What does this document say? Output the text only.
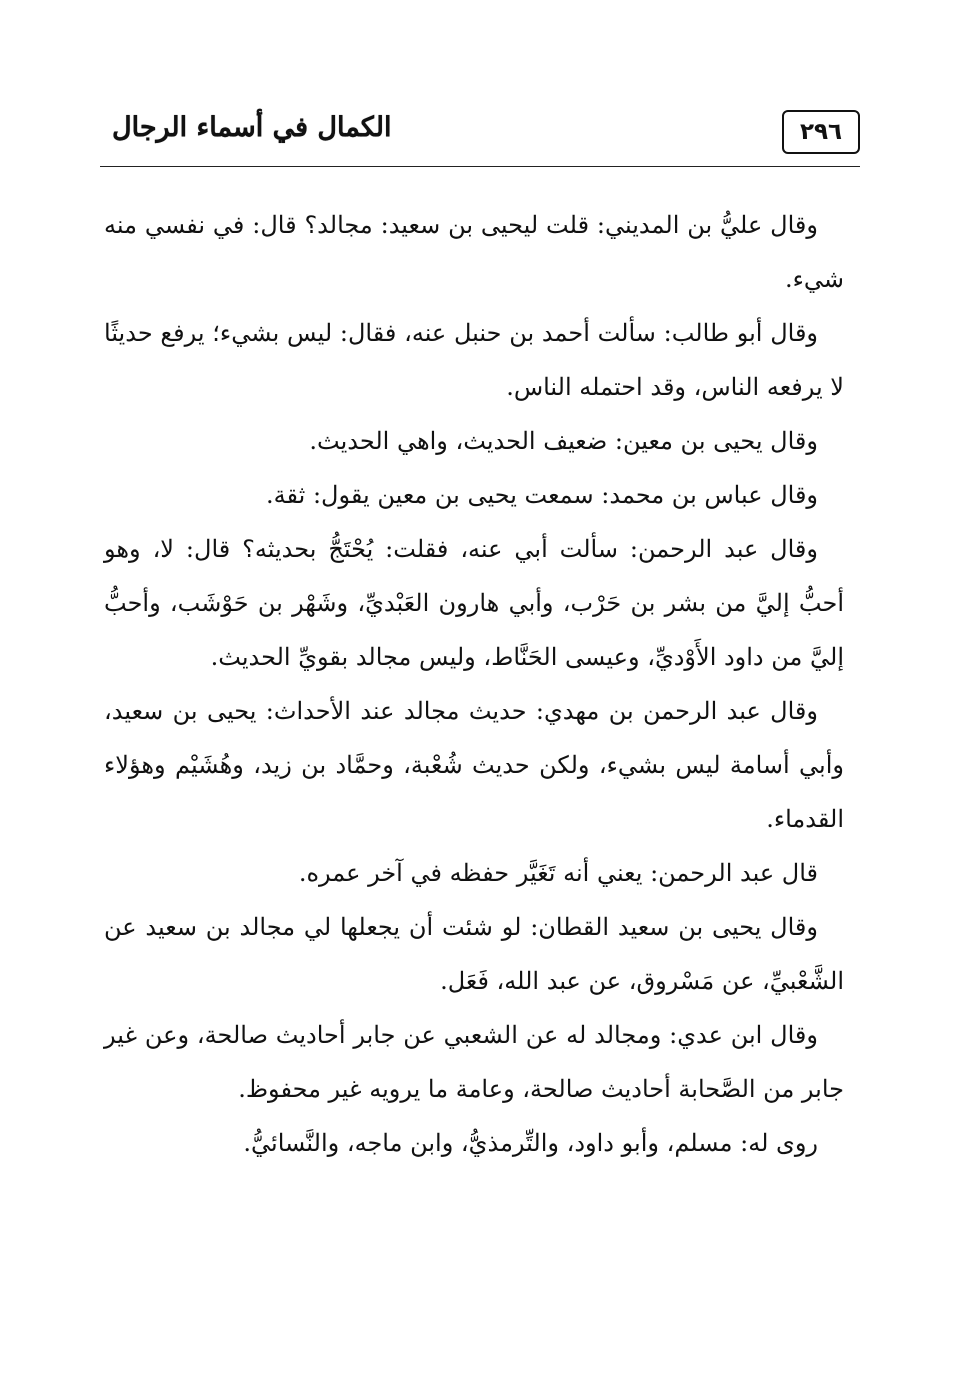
٢٩٦
الكمال في أسماء الرجال

وقال عليُّ بن المديني: قلت ليحيى بن سعيد: مجالد؟ قال: في نفسي منه شيء.

وقال أبو طالب: سألت أحمد بن حنبل عنه، فقال: ليس بشيء؛ يرفع حديثًا لا يرفعه الناس، وقد احتمله الناس.

وقال يحيى بن معين: ضعيف الحديث، واهي الحديث.

وقال عباس بن محمد: سمعت يحيى بن معين يقول: ثقة.

وقال عبد الرحمن: سألت أبي عنه، فقلت: يُحْتَجُّ بحديثه؟ قال: لا، وهو أحبُّ إليَّ من بشر بن حَرْب، وأبي هارون العَبْديِّ، وشَهْر بن حَوْشَب، وأحبُّ إليَّ من داود الأَوْديِّ، وعيسى الحَنَّاط، وليس مجالد بقويِّ الحديث.

وقال عبد الرحمن بن مهدي: حديث مجالد عند الأحداث: يحيى بن سعيد، وأبي أسامة ليس بشيء، ولكن حديث شُعْبة، وحمَّاد بن زيد، وهُشَيْم وهؤلاء القدماء.

قال عبد الرحمن: يعني أنه تَغَيَّر حفظه في آخر عمره.

وقال يحيى بن سعيد القطان: لو شئت أن يجعلها لي مجالد بن سعيد عن الشَّعْبيِّ، عن مَسْروق، عن عبد الله، فَعَل.

وقال ابن عدي: ومجالد له عن الشعبي عن جابر أحاديث صالحة، وعن غير جابر من الصَّحابة أحاديث صالحة، وعامة ما يرويه غير محفوظ.

روى له: مسلم، وأبو داود، والتِّرمذيُّ، وابن ماجه، والنَّسائيُّ.
